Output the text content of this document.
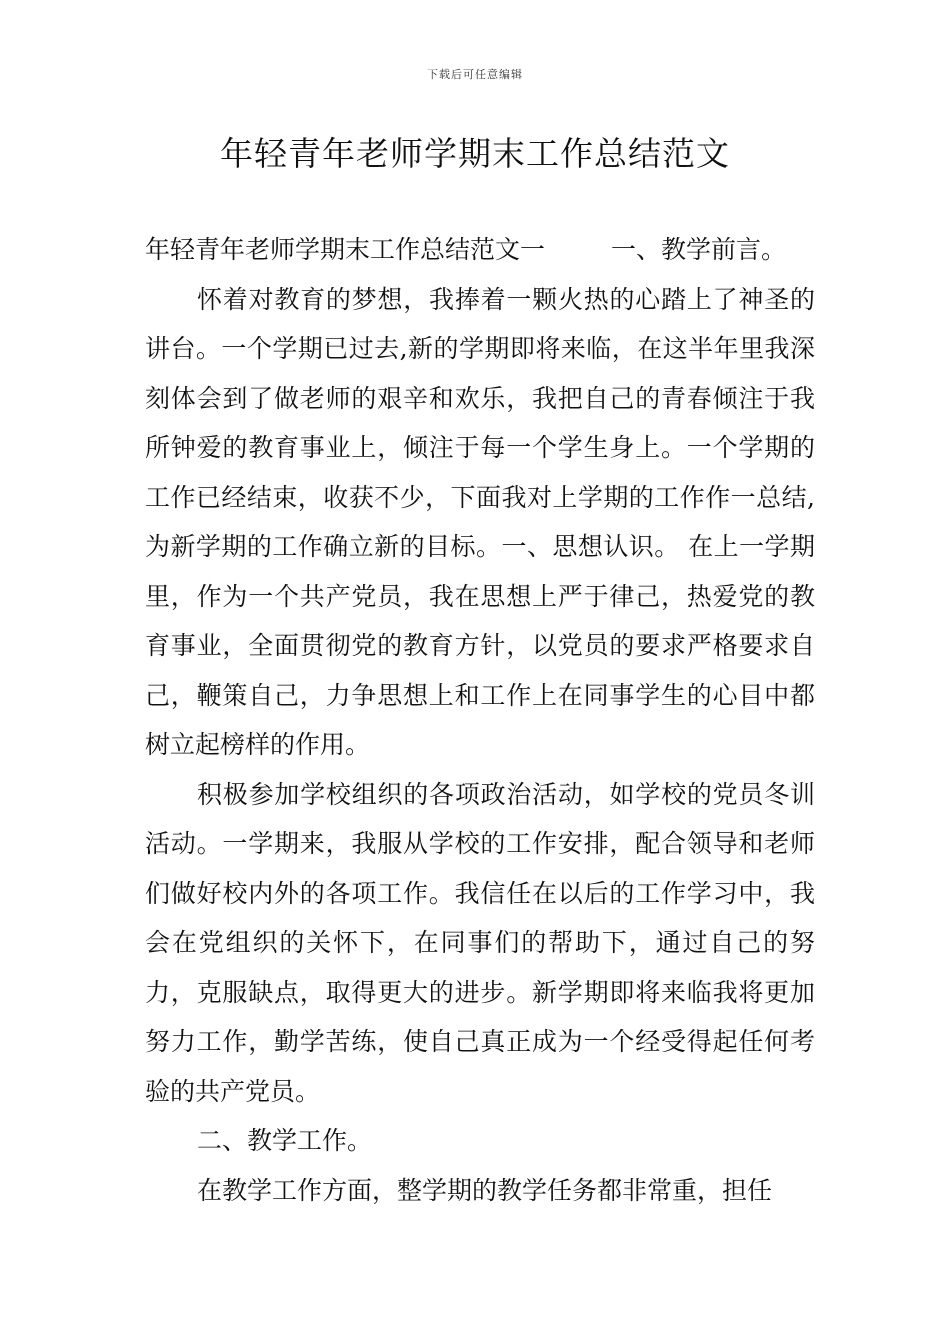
下载后可任意编辑
年轻青年老师学期末工作总结范文

年轻青年老师学期末工作总结范文一	一、教学前言。

怀着对教育的梦想，我捧着一颗火热的心踏上了神圣的讲台。一个学期已过去,新的学期即将来临，在这半年里我深刻体会到了做老师的艰辛和欢乐，我把自己的青春倾注于我所钟爱的教育事业上，倾注于每一个学生身上。一个学期的工作已经结束，收获不少，下面我对上学期的工作作一总结,为新学期的工作确立新的目标。一、思想认识。 在上一学期里，作为一个共产党员，我在思想上严于律己，热爱党的教育事业，全面贯彻党的教育方针，以党员的要求严格要求自己，鞭策自己，力争思想上和工作上在同事学生的心目中都树立起榜样的作用。

积极参加学校组织的各项政治活动，如学校的党员冬训活动。一学期来，我服从学校的工作安排，配合领导和老师们做好校内外的各项工作。我信任在以后的工作学习中，我会在党组织的关怀下，在同事们的帮助下，通过自己的努力，克服缺点，取得更大的进步。新学期即将来临我将更加努力工作，勤学苦练，使自己真正成为一个经受得起任何考验的共产党员。

二、教学工作。

在教学工作方面，整学期的教学任务都非常重，担任
